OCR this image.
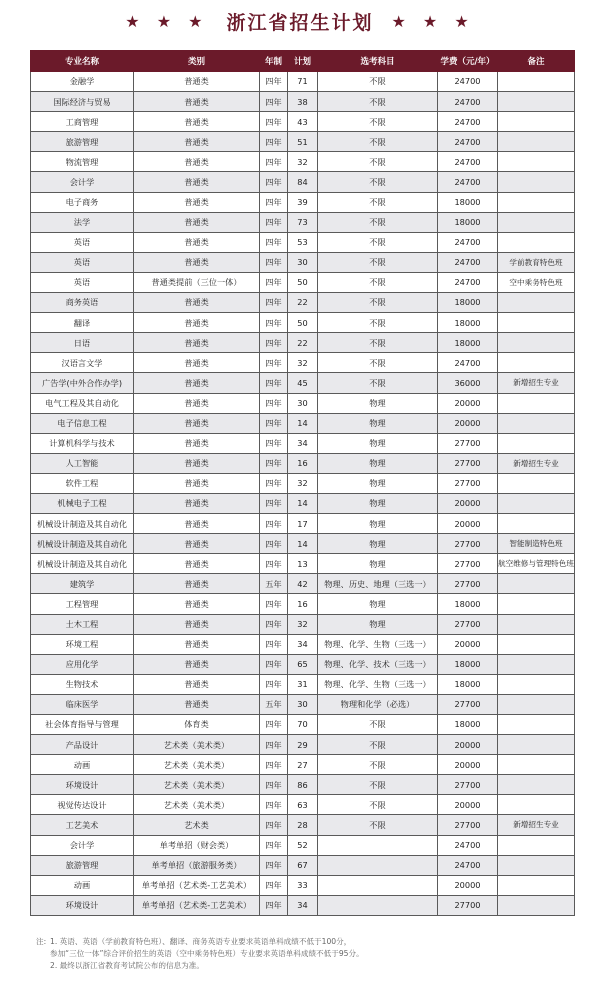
★ ★ ★ 浙江省招生计划 ★ ★ ★
专业名称	类别	年制	计划	选考科目	学费（元/年）	备注
金融学	普通类	四年	71	不限	24700	
国际经济与贸易	普通类	四年	38	不限	24700	
工商管理	普通类	四年	43	不限	24700	
旅游管理	普通类	四年	51	不限	24700	
物流管理	普通类	四年	32	不限	24700	
会计学	普通类	四年	84	不限	24700	
电子商务	普通类	四年	39	不限	18000	
法学	普通类	四年	73	不限	18000	
英语	普通类	四年	53	不限	24700	
英语	普通类	四年	30	不限	24700	学前教育特色班
英语	普通类提前（三位一体）	四年	50	不限	24700	空中乘务特色班
商务英语	普通类	四年	22	不限	18000	
翻译	普通类	四年	50	不限	18000	
日语	普通类	四年	22	不限	18000	
汉语言文学	普通类	四年	32	不限	24700	
广告学(中外合作办学)	普通类	四年	45	不限	36000	新增招生专业
电气工程及其自动化	普通类	四年	30	物理	20000	
电子信息工程	普通类	四年	14	物理	20000	
计算机科学与技术	普通类	四年	34	物理	27700	
人工智能	普通类	四年	16	物理	27700	新增招生专业
软件工程	普通类	四年	32	物理	27700	
机械电子工程	普通类	四年	14	物理	20000	
机械设计制造及其自动化	普通类	四年	17	物理	20000	
机械设计制造及其自动化	普通类	四年	14	物理	27700	智能制造特色班
机械设计制造及其自动化	普通类	四年	13	物理	27700	航空维修与管理特色班
建筑学	普通类	五年	42	物理、历史、地理（三选一）	27700	
工程管理	普通类	四年	16	物理	18000	
土木工程	普通类	四年	32	物理	27700	
环境工程	普通类	四年	34	物理、化学、生物（三选一）	20000	
应用化学	普通类	四年	65	物理、化学、技术（三选一）	18000	
生物技术	普通类	四年	31	物理、化学、生物（三选一）	18000	
临床医学	普通类	五年	30	物理和化学（必选）	27700	
社会体育指导与管理	体育类	四年	70	不限	18000	
产品设计	艺术类（美术类）	四年	29	不限	20000	
动画	艺术类（美术类）	四年	27	不限	20000	
环境设计	艺术类（美术类）	四年	86	不限	27700	
视觉传达设计	艺术类（美术类）	四年	63	不限	20000	
工艺美术	艺术类	四年	28	不限	27700	新增招生专业
会计学	单考单招（财会类）	四年	52		24700	
旅游管理	单考单招（旅游服务类）	四年	67		24700	
动画	单考单招（艺术类-工艺美术）	四年	33		20000	
环境设计	单考单招（艺术类-工艺美术）	四年	34		27700	
注: 1. 英语、英语（学前教育特色班）、翻译、商务英语专业要求英语单科成绩不低于100分，
参加“三位一体”综合评价招生的英语（空中乘务特色班）专业要求英语单科成绩不低于95分。
2. 最终以浙江省教育考试院公布的信息为准。
